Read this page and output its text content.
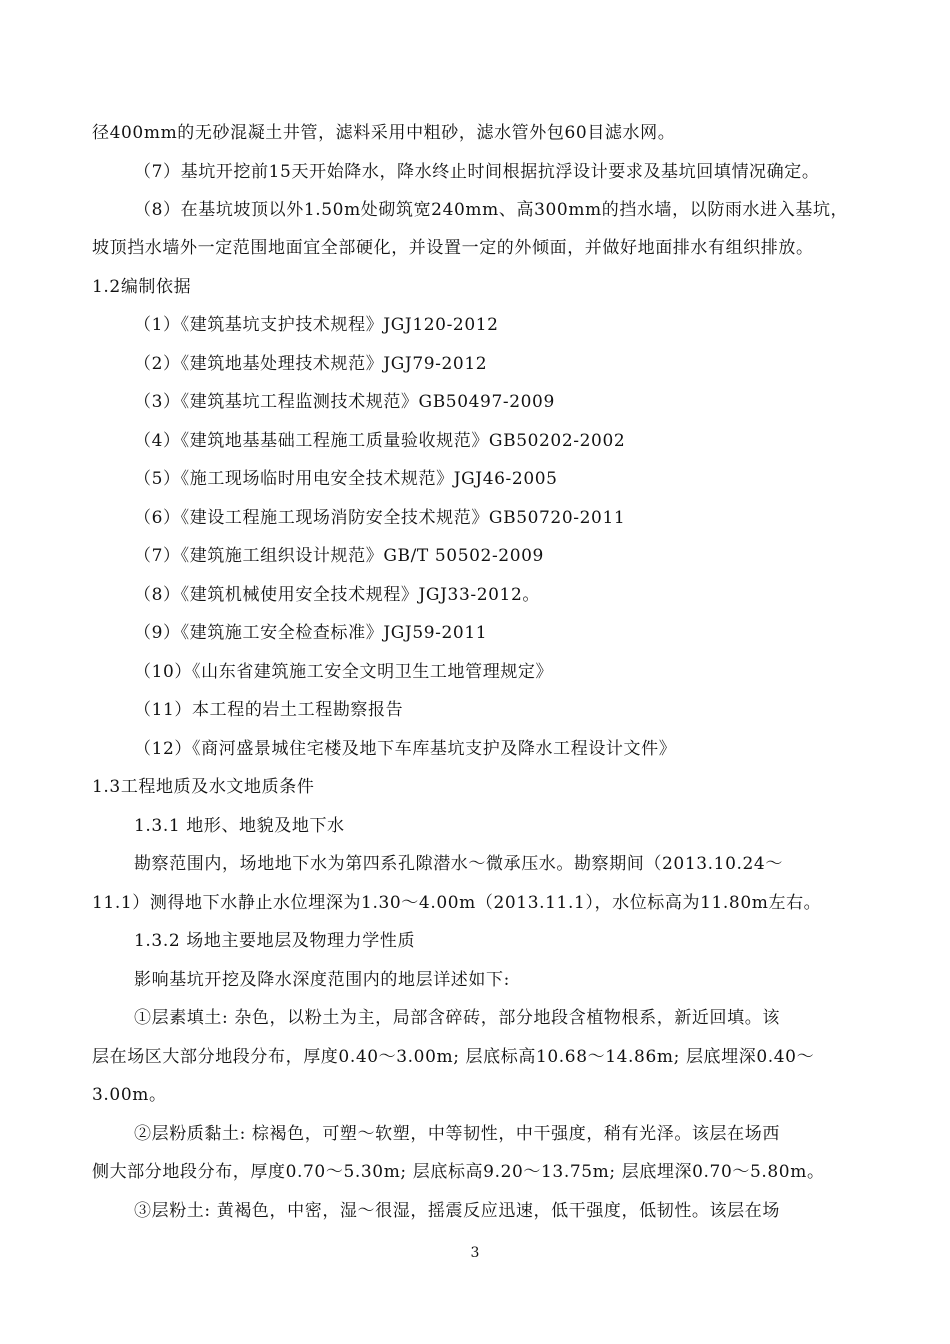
径400mm的无砂混凝土井管，滤料采用中粗砂，滤水管外包60目滤水网。
（7）基坑开挖前15天开始降水，降水终止时间根据抗浮设计要求及基坑回填情况确定。
（8）在基坑坡顶以外1.50m处砌筑宽240mm、高300mm的挡水墙，以防雨水进入基坑，
坡顶挡水墙外一定范围地面宜全部硬化，并设置一定的外倾面，并做好地面排水有组织排放。
1.2编制依据
（1）《建筑基坑支护技术规程》JGJ120-2012
（2）《建筑地基处理技术规范》JGJ79-2012
（3）《建筑基坑工程监测技术规范》GB50497-2009
（4）《建筑地基基础工程施工质量验收规范》GB50202-2002
（5）《施工现场临时用电安全技术规范》JGJ46-2005
（6）《建设工程施工现场消防安全技术规范》GB50720-2011
（7）《建筑施工组织设计规范》GB/T 50502-2009
（8）《建筑机械使用安全技术规程》JGJ33-2012。
（9）《建筑施工安全检查标准》JGJ59-2011
（10）《山东省建筑施工安全文明卫生工地管理规定》
（11）本工程的岩土工程勘察报告
（12）《商河盛景城住宅楼及地下车库基坑支护及降水工程设计文件》
1.3工程地质及水文地质条件
1.3.1 地形、地貌及地下水
勘察范围内，场地地下水为第四系孔隙潜水～微承压水。勘察期间（2013.10.24～
11.1）测得地下水静止水位埋深为1.30～4.00m（2013.11.1），水位标高为11.80m左右。
1.3.2 场地主要地层及物理力学性质
影响基坑开挖及降水深度范围内的地层详述如下:
①层素填土: 杂色，以粉土为主，局部含碎砖，部分地段含植物根系，新近回填。该
层在场区大部分地段分布，厚度0.40～3.00m; 层底标高10.68～14.86m; 层底埋深0.40～
3.00m。
②层粉质黏土: 棕褐色，可塑～软塑，中等韧性，中干强度，稍有光泽。该层在场西
侧大部分地段分布，厚度0.70～5.30m; 层底标高9.20～13.75m; 层底埋深0.70～5.80m。
③层粉土: 黄褐色，中密，湿～很湿，摇震反应迅速，低干强度，低韧性。该层在场
3
